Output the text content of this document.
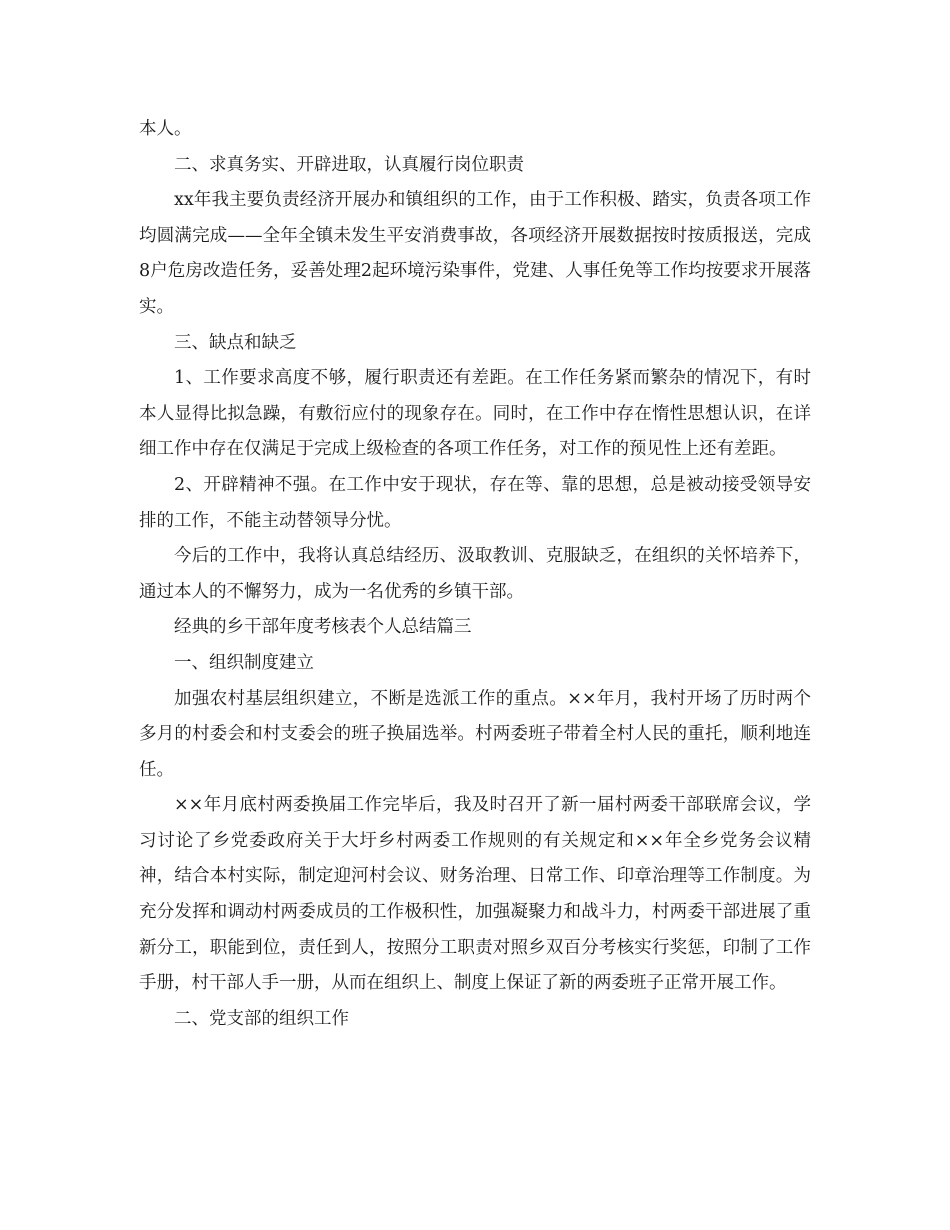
本人。

二、求真务实、开辟进取，认真履行岗位职责

xx年我主要负责经济开展办和镇组织的工作，由于工作积极、踏实，负责各项工作均圆满完成——全年全镇未发生平安消费事故，各项经济开展数据按时按质报送，完成8户危房改造任务，妥善处理2起环境污染事件，党建、人事任免等工作均按要求开展落实。

三、缺点和缺乏

1、工作要求高度不够，履行职责还有差距。在工作任务紧而繁杂的情况下，有时本人显得比拟急躁，有敷衍应付的现象存在。同时，在工作中存在惰性思想认识，在详细工作中存在仅满足于完成上级检查的各项工作任务，对工作的预见性上还有差距。

2、开辟精神不强。在工作中安于现状，存在等、靠的思想，总是被动接受领导安排的工作，不能主动替领导分忧。

今后的工作中，我将认真总结经历、汲取教训、克服缺乏，在组织的关怀培养下，通过本人的不懈努力，成为一名优秀的乡镇干部。

经典的乡干部年度考核表个人总结篇三

一、组织制度建立

加强农村基层组织建立，不断是选派工作的重点。××年月，我村开场了历时两个多月的村委会和村支委会的班子换届选举。村两委班子带着全村人民的重托，顺利地连任。

××年月底村两委换届工作完毕后，我及时召开了新一届村两委干部联席会议，学习讨论了乡党委政府关于大圩乡村两委工作规则的有关规定和××年全乡党务会议精神，结合本村实际，制定迎河村会议、财务治理、日常工作、印章治理等工作制度。为充分发挥和调动村两委成员的工作极积性，加强凝聚力和战斗力，村两委干部进展了重新分工，职能到位，责任到人，按照分工职责对照乡双百分考核实行奖惩，印制了工作手册，村干部人手一册，从而在组织上、制度上保证了新的两委班子正常开展工作。

二、党支部的组织工作
